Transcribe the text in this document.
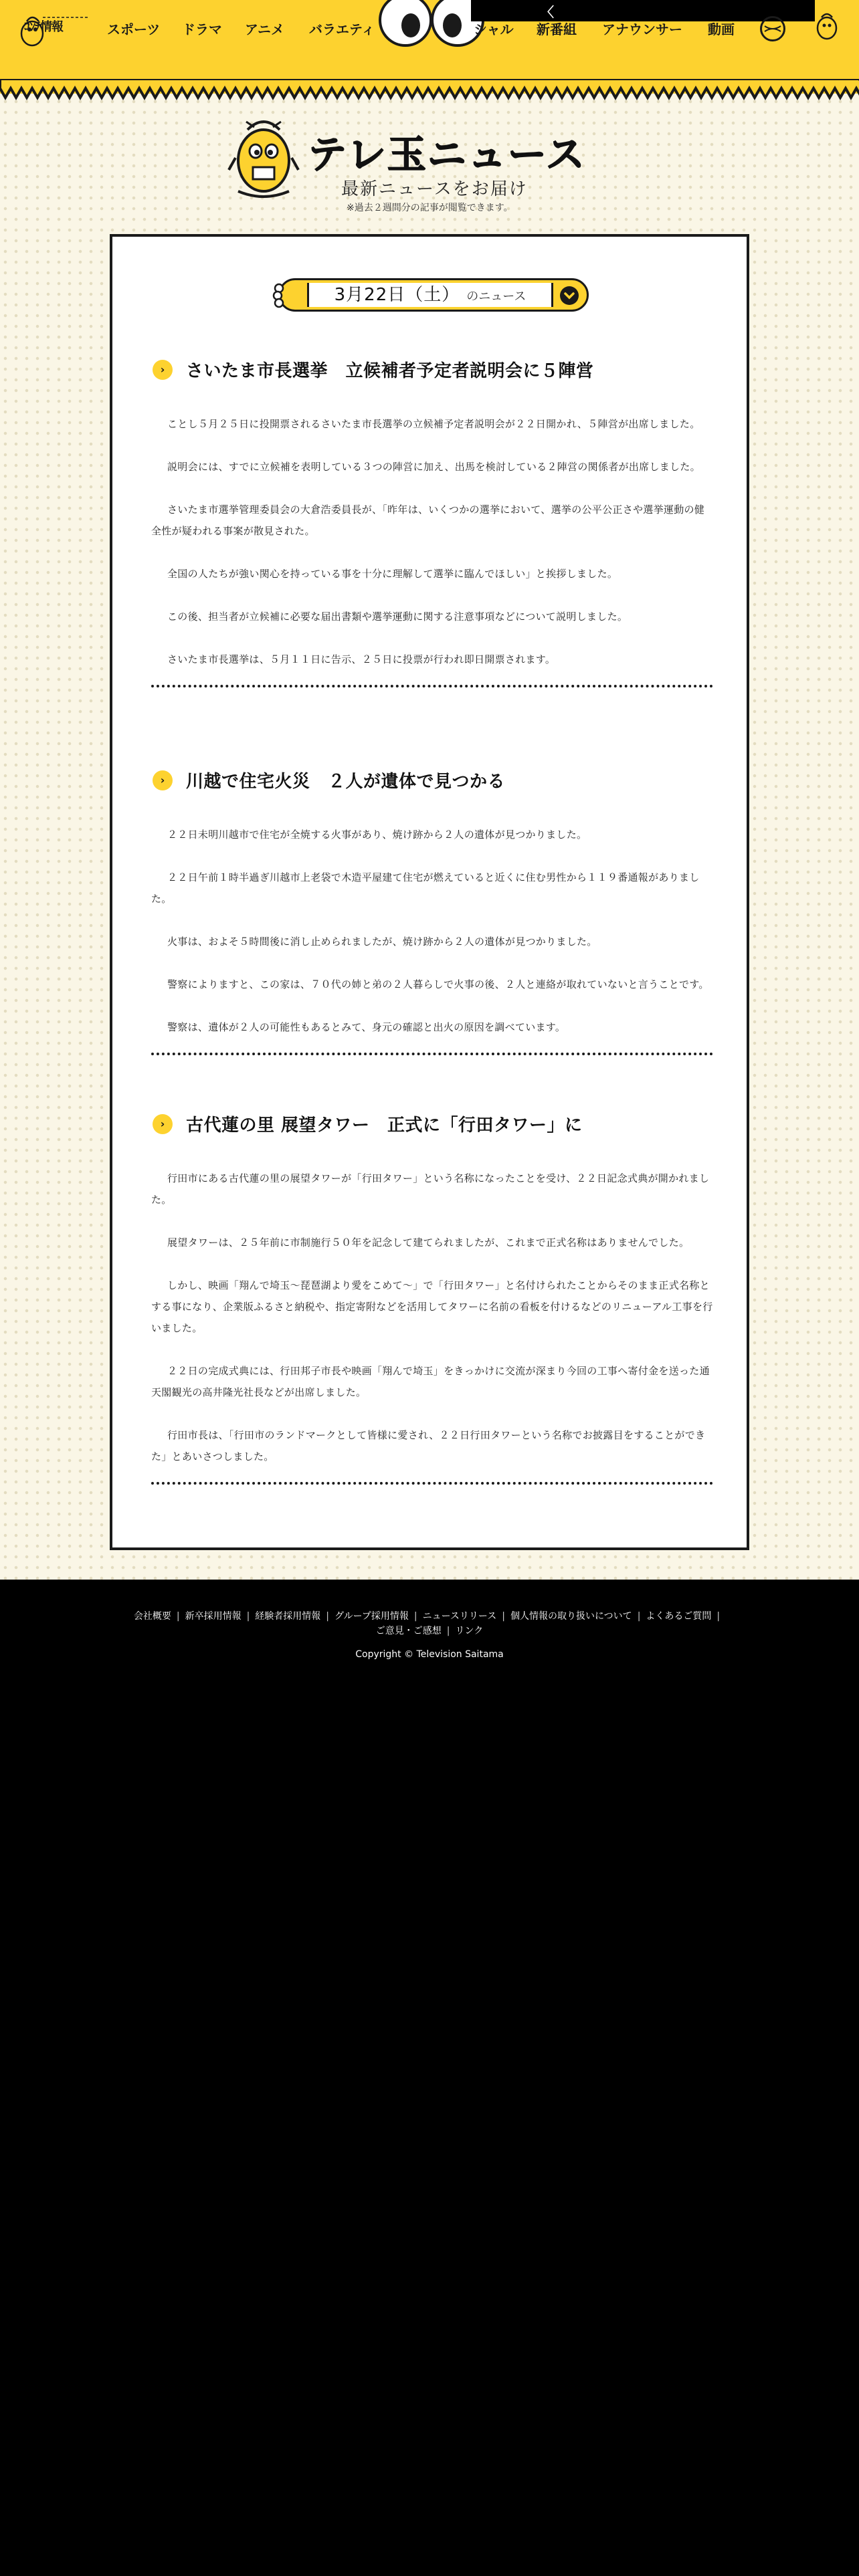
ｺﾝﾃ情報	スポーツ ドラマ アニメ バラエティ
〈
シャル 新番組 アナウンサー 動画
テレ玉ニュース
最新ニュースをお届け
※過去２週間分の記事が閲覧できます。
3月22日（土） のニュース
›	さいたま市長選挙　立候補者予定者説明会に５陣営

ことし５月２５日に投開票されるさいたま市長選挙の立候補予定者説明会が２２日開かれ、５陣営が出席しました。

説明会には、すでに立候補を表明している３つの陣営に加え、出馬を検討している２陣営の関係者が出席しました。

さいたま市選挙管理委員会の大倉浩委員長が、「昨年は、いくつかの選挙において、選挙の公平公正さや選挙運動の健全性が疑われる事案が散見された。

全国の人たちが強い関心を持っている事を十分に理解して選挙に臨んでほしい」と挨拶しました。

この後、担当者が立候補に必要な届出書類や選挙運動に関する注意事項などについて説明しました。

さいたま市長選挙は、５月１１日に告示、２５日に投票が行われ即日開票されます。

›	川越で住宅火災　２人が遺体で見つかる

２２日未明川越市で住宅が全焼する火事があり、焼け跡から２人の遺体が見つかりました。

２２日午前１時半過ぎ川越市上老袋で木造平屋建て住宅が燃えていると近くに住む男性から１１９番通報がありました。

火事は、およそ５時間後に消し止められましたが、焼け跡から２人の遺体が見つかりました。

警察によりますと、この家は、７０代の姉と弟の２人暮らしで火事の後、２人と連絡が取れていないと言うことです。

警察は、遺体が２人の可能性もあるとみて、身元の確認と出火の原因を調べています。

›	古代蓮の里 展望タワー　正式に「行田タワー」に

行田市にある古代蓮の里の展望タワーが「行田タワー」という名称になったことを受け、２２日記念式典が開かれました。

展望タワーは、２５年前に市制施行５０年を記念して建てられましたが、これまで正式名称はありませんでした。

しかし、映画「翔んで埼玉～琵琶湖より愛をこめて～」で「行田タワー」と名付けられたことからそのまま正式名称とする事になり、企業版ふるさと納税や、指定寄附などを活用してタワーに名前の看板を付けるなどのリニューアル工事を行いました。

２２日の完成式典には、行田邦子市長や映画「翔んで埼玉」をきっかけに交流が深まり今回の工事へ寄付金を送った通天閣観光の高井隆光社長などが出席しました。

行田市長は、「行田市のランドマークとして皆様に愛され、２２日行田タワーという名称でお披露目をすることができた」とあいさつしました。

会社概要 | 新卒採用情報 | 経験者採用情報 | グループ採用情報 | ニュースリリース | 個人情報の取り扱いについて | よくあるご質問 |
ご意見・ご感想 | リンク
Copyright © Television Saitama
